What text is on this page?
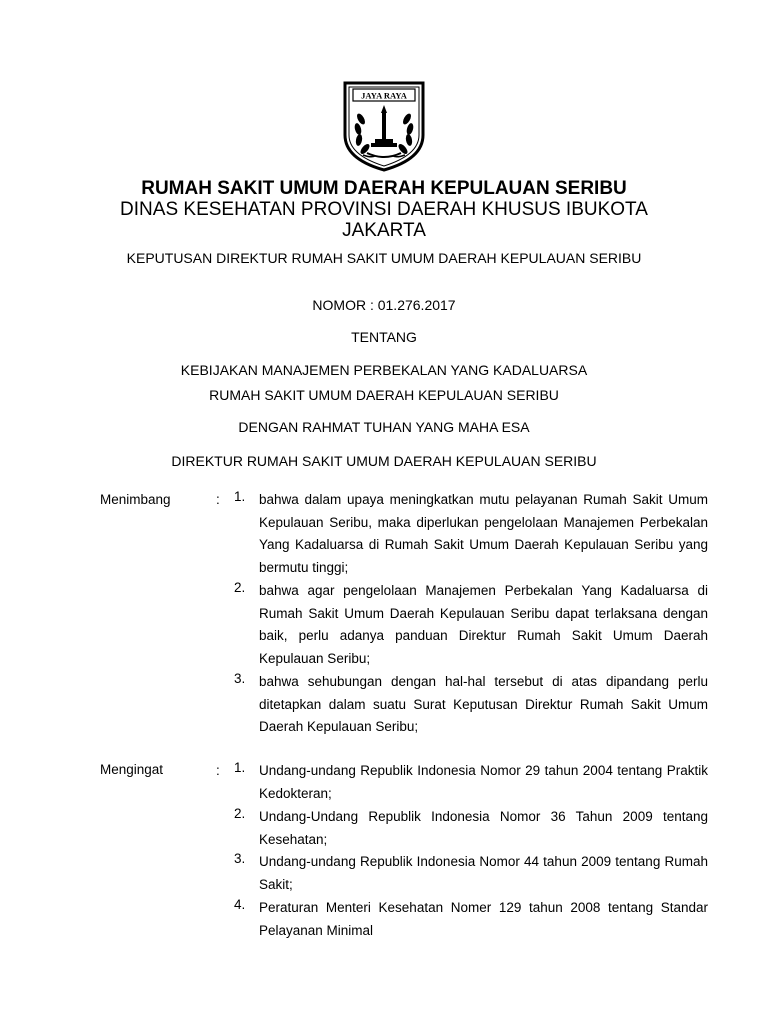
JAYA RAYA
RUMAH SAKIT UMUM DAERAH KEPULAUAN SERIBU
DINAS KESEHATAN PROVINSI DAERAH KHUSUS IBUKOTA JAKARTA
KEPUTUSAN DIREKTUR RUMAH SAKIT UMUM DAERAH KEPULAUAN SERIBU
NOMOR : 01.276.2017
TENTANG
KEBIJAKAN MANAJEMEN PERBEKALAN YANG KADALUARSA
RUMAH SAKIT UMUM DAERAH KEPULAUAN SERIBU
DENGAN RAHMAT TUHAN YANG MAHA ESA
DIREKTUR RUMAH SAKIT UMUM DAERAH KEPULAUAN SERIBU
Menimbang	: 1.	bahwa dalam upaya meningkatkan mutu pelayanan Rumah Sakit Umum Kepulauan Seribu, maka diperlukan pengelolaan Manajemen Perbekalan Yang Kadaluarsa di Rumah Sakit Umum Daerah Kepulauan Seribu yang bermutu tinggi;
2.	bahwa agar pengelolaan Manajemen Perbekalan Yang Kadaluarsa di Rumah Sakit Umum Daerah Kepulauan Seribu dapat terlaksana dengan baik, perlu adanya panduan Direktur Rumah Sakit Umum Daerah Kepulauan Seribu;
3.	bahwa sehubungan dengan hal-hal tersebut di atas dipandang perlu ditetapkan dalam suatu Surat Keputusan Direktur Rumah Sakit Umum Daerah Kepulauan Seribu;
Mengingat	: 1.	Undang-undang Republik Indonesia Nomor 29 tahun 2004 tentang Praktik Kedokteran;
2.	Undang-Undang Republik Indonesia Nomor 36 Tahun 2009 tentang Kesehatan;
3.	Undang-undang Republik Indonesia Nomor 44 tahun 2009 tentang Rumah Sakit;
4.	Peraturan Menteri Kesehatan Nomer 129 tahun 2008 tentang Standar Pelayanan Minimal
